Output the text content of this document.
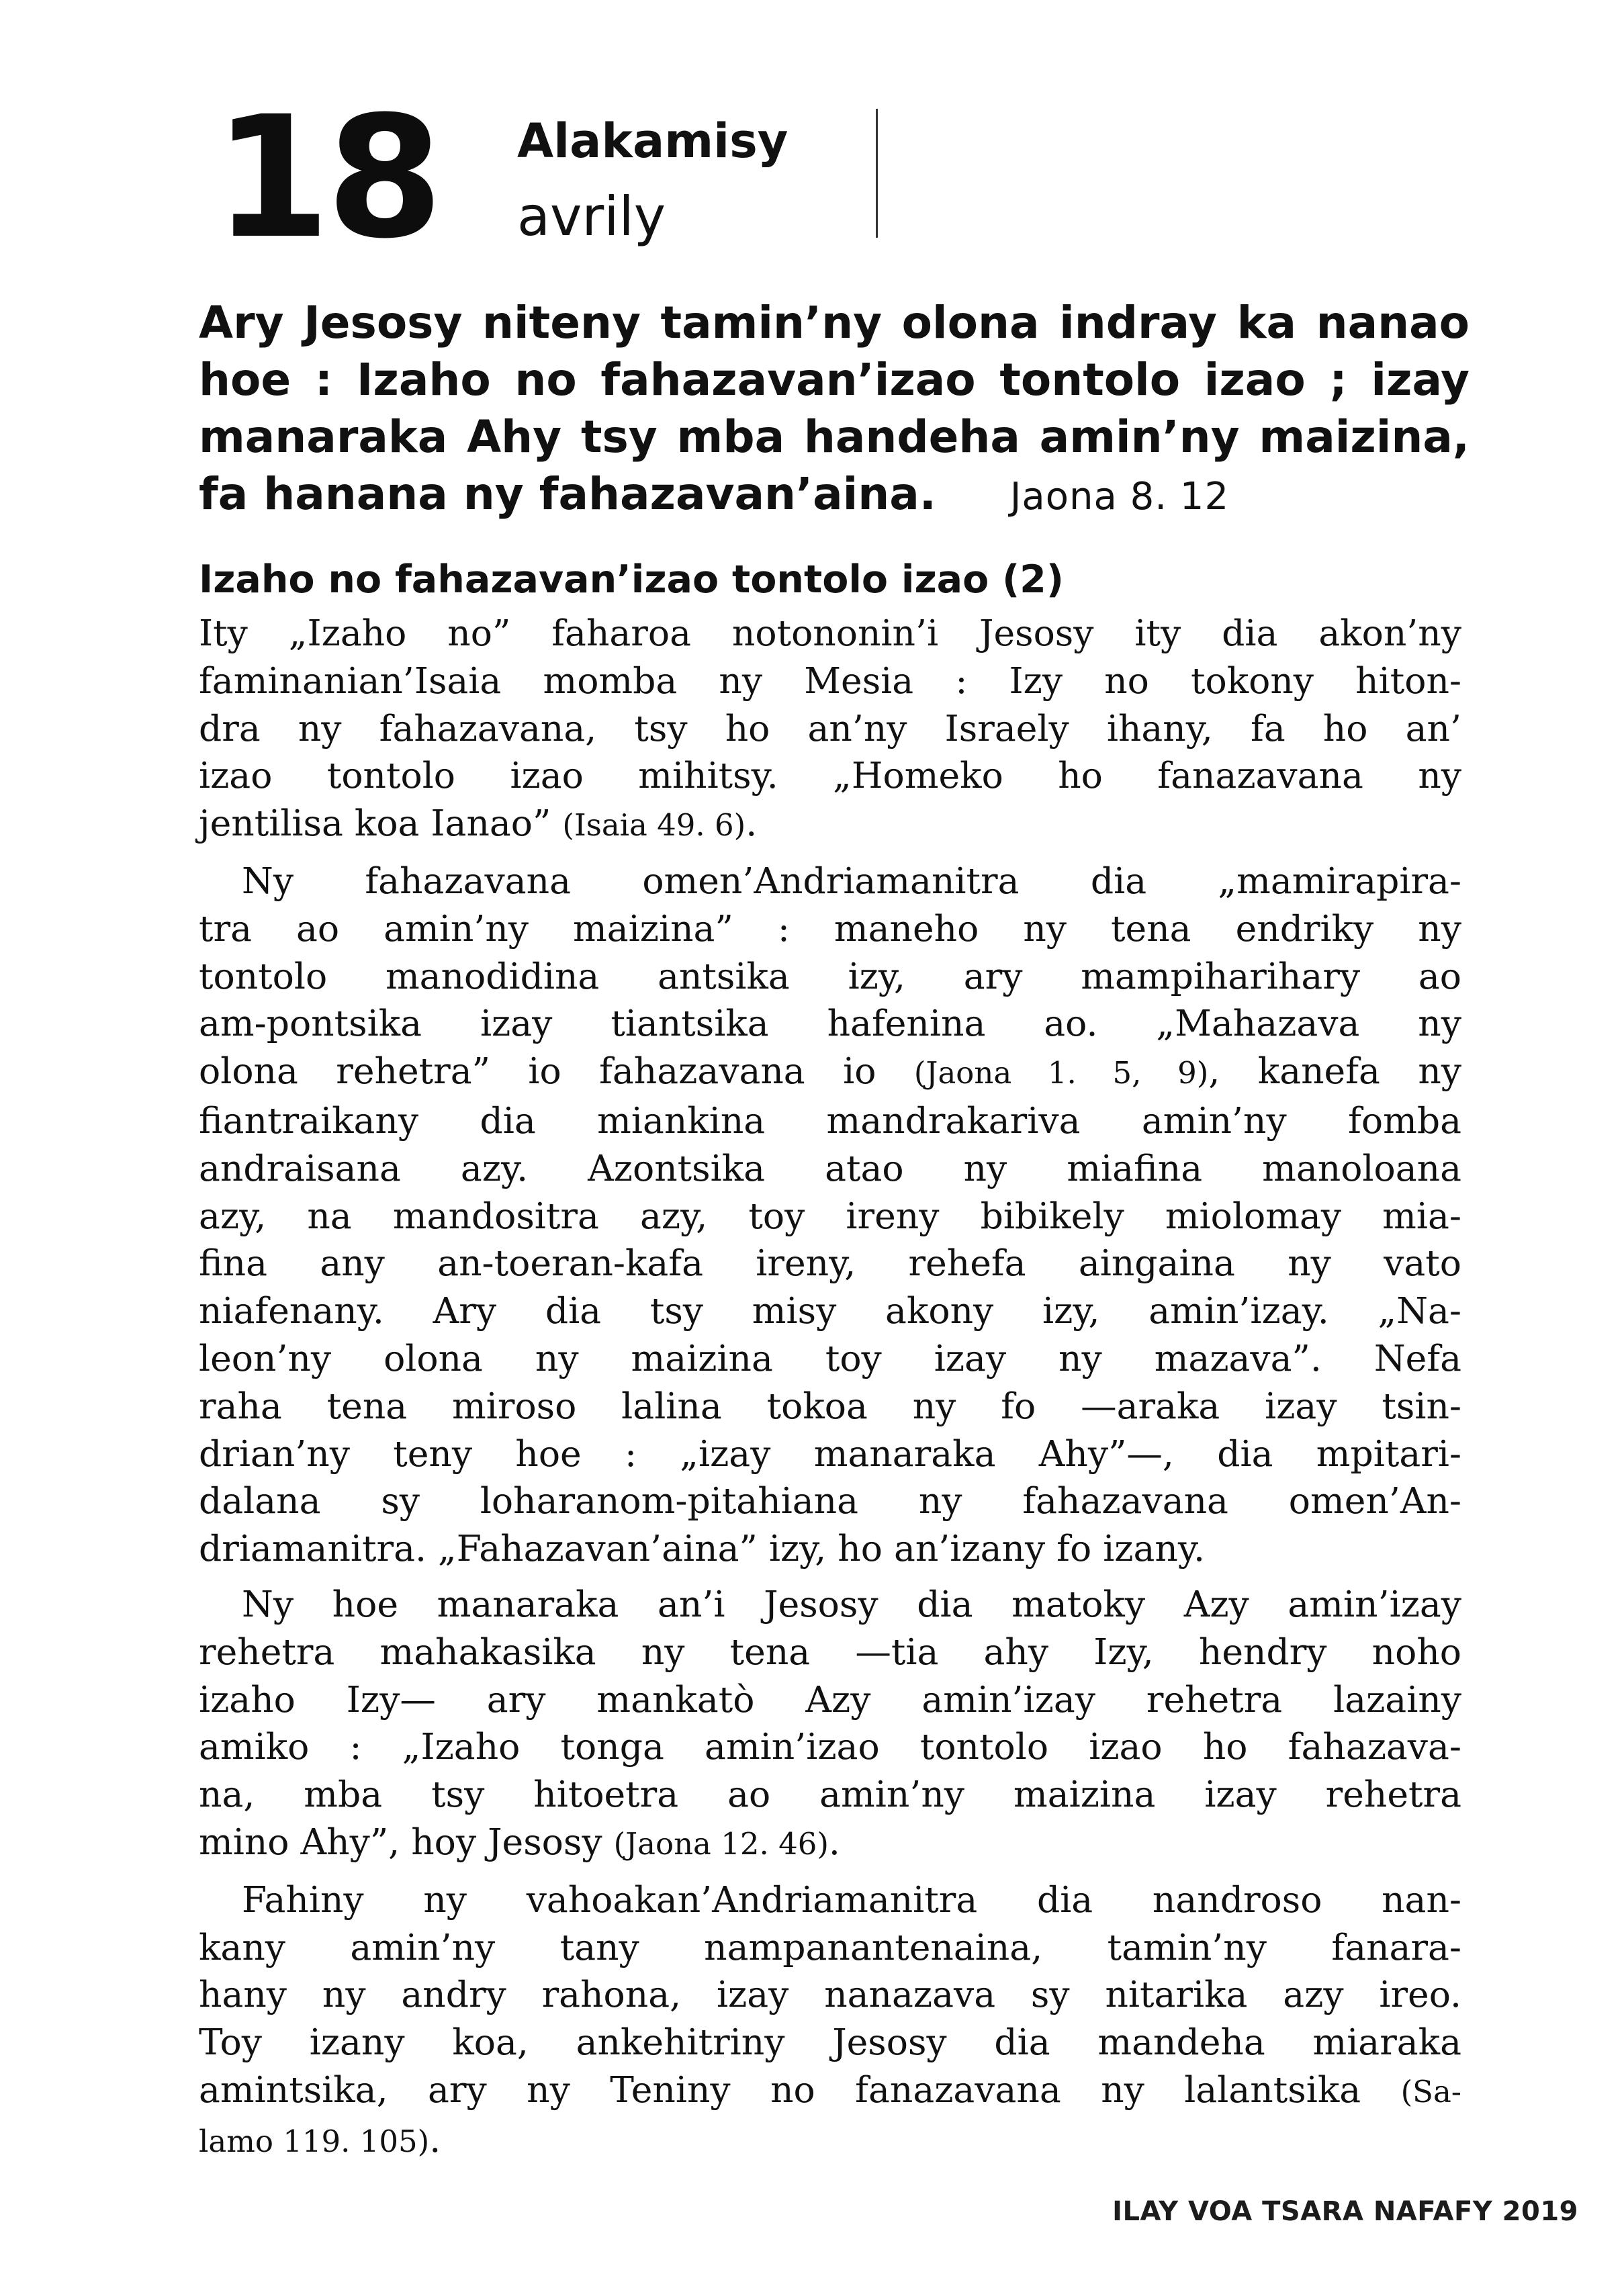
18 Alakamisy
avrily
Ary Jesosy niteny tamin’ny olona indray ka nanao hoe : Izaho no fahazavan’izao tontolo izao ; izay manaraka Ahy tsy mba handeha amin’ny maizina, fa hanana ny fahazavan’aina. Jaona 8. 12
Izaho no fahazavan’izao tontolo izao (2)
Ity „Izaho no” faharoa notononin’i Jesosy ity dia akon’ny
faminanian’Isaia momba ny Mesia : Izy no tokony hiton-
dra ny fahazavana, tsy ho an’ny Israely ihany, fa ho an’
izao tontolo izao mihitsy. „Homeko ho fanazavana ny
jentilisa koa Ianao” (Isaia 49. 6).
Ny fahazavana omen’Andriamanitra dia „mamirapira-
tra ao amin’ny maizina” : maneho ny tena endriky ny
tontolo manodidina antsika izy, ary mampiharihary ao
am-pontsika izay tiantsika hafenina ao. „Mahazava ny
olona rehetra” io fahazavana io (Jaona 1. 5, 9), kanefa ny
fiantraikany dia miankina mandrakariva amin’ny fomba
andraisana azy. Azontsika atao ny miafina manoloana
azy, na mandositra azy, toy ireny bibikely miolomay mia-
fina any an-toeran-kafa ireny, rehefa aingaina ny vato
niafenany. Ary dia tsy misy akony izy, amin’izay. „Na-
leon’ny olona ny maizina toy izay ny mazava”. Nefa
raha tena miroso lalina tokoa ny fo —araka izay tsin-
drian’ny teny hoe : „izay manaraka Ahy”—, dia mpitari-
dalana sy loharanom-pitahiana ny fahazavana omen’An-
driamanitra. „Fahazavan’aina” izy, ho an’izany fo izany.
Ny hoe manaraka an’i Jesosy dia matoky Azy amin’izay
rehetra mahakasika ny tena —tia ahy Izy, hendry noho
izaho Izy— ary mankatò Azy amin’izay rehetra lazainy
amiko : „Izaho tonga amin’izao tontolo izao ho fahazava-
na, mba tsy hitoetra ao amin’ny maizina izay rehetra
mino Ahy”, hoy Jesosy (Jaona 12. 46).
Fahiny ny vahoakan’Andriamanitra dia nandroso nan-
kany amin’ny tany nampanantenaina, tamin’ny fanara-
hany ny andry rahona, izay nanazava sy nitarika azy ireo.
Toy izany koa, ankehitriny Jesosy dia mandeha miaraka
amintsika, ary ny Teniny no fanazavana ny lalantsika (Sa-
lamo 119. 105).
ILAY VOA TSARA NAFAFY 2019
